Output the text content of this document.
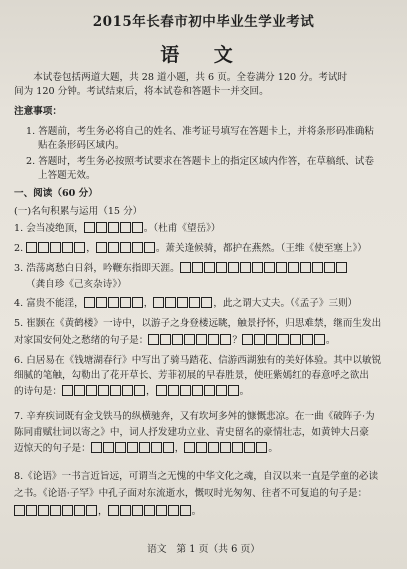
2015年长春市初中毕业生学业考试
语 文
本试卷包括两道大题，共 28 道小题，共 6 页。全卷满分 120 分。考试时
间为 120 分钟。考试结束后，将本试卷和答题卡一并交回。
注意事项：
1. 答题前，考生务必将自己的姓名、准考证号填写在答题卡上，并将条形码准确粘
贴在条形码区域内。
2. 答题时，考生务必按照考试要求在答题卡上的指定区域内作答，在草稿纸、试卷
上答题无效。
一、阅读（60 分）
(一)名句积累与运用（15 分）
1. 会当凌绝顶，	。（杜甫《望岳》）
2.	，	。萧关逢候骑，都护在燕然。（王维《使至塞上》）
3. 浩荡离愁白日斜，吟鞭东指即天涯。
（龚自珍《己亥杂诗》）
4. 富贵不能淫，	，	，此之谓大丈夫。（《孟子》三则）
5. 崔颢在《黄鹤楼》一诗中，以游子之身登楼远眺，触景抒怀，归思难禁，继而生发出
对家国安何处之愁绪的句子是：	？	。
6. 白居易在《钱塘湖春行》中写出了骑马踏花、信游西湖独有的美好体验。其中以敏锐
细腻的笔触，勾勒出了花开草长、芳菲初展的早春胜景，使旺紫嫣红的春意呼之欲出
的诗句是：	，	。
7. 辛弃疾词既有金戈铁马的纵横驰奔，又有坎坷多舛的慷慨悲凉。在一曲《破阵子·为
陈同甫赋壮词以寄之》中，词人抒发建功立业、青史留名的豪情壮志，如黄钟大吕豪
迈惊天的句子是：	，	。
8.《论语》一书言近旨远，可谓当之无愧的中华文化之魂，自汉以来一直是学童的必读
之书。《论语·子罕》中孔子面对东流逝水，慨叹时光匆匆、往者不可复追的句子是：
，	。
语文　第 1 页（共 6 页）
